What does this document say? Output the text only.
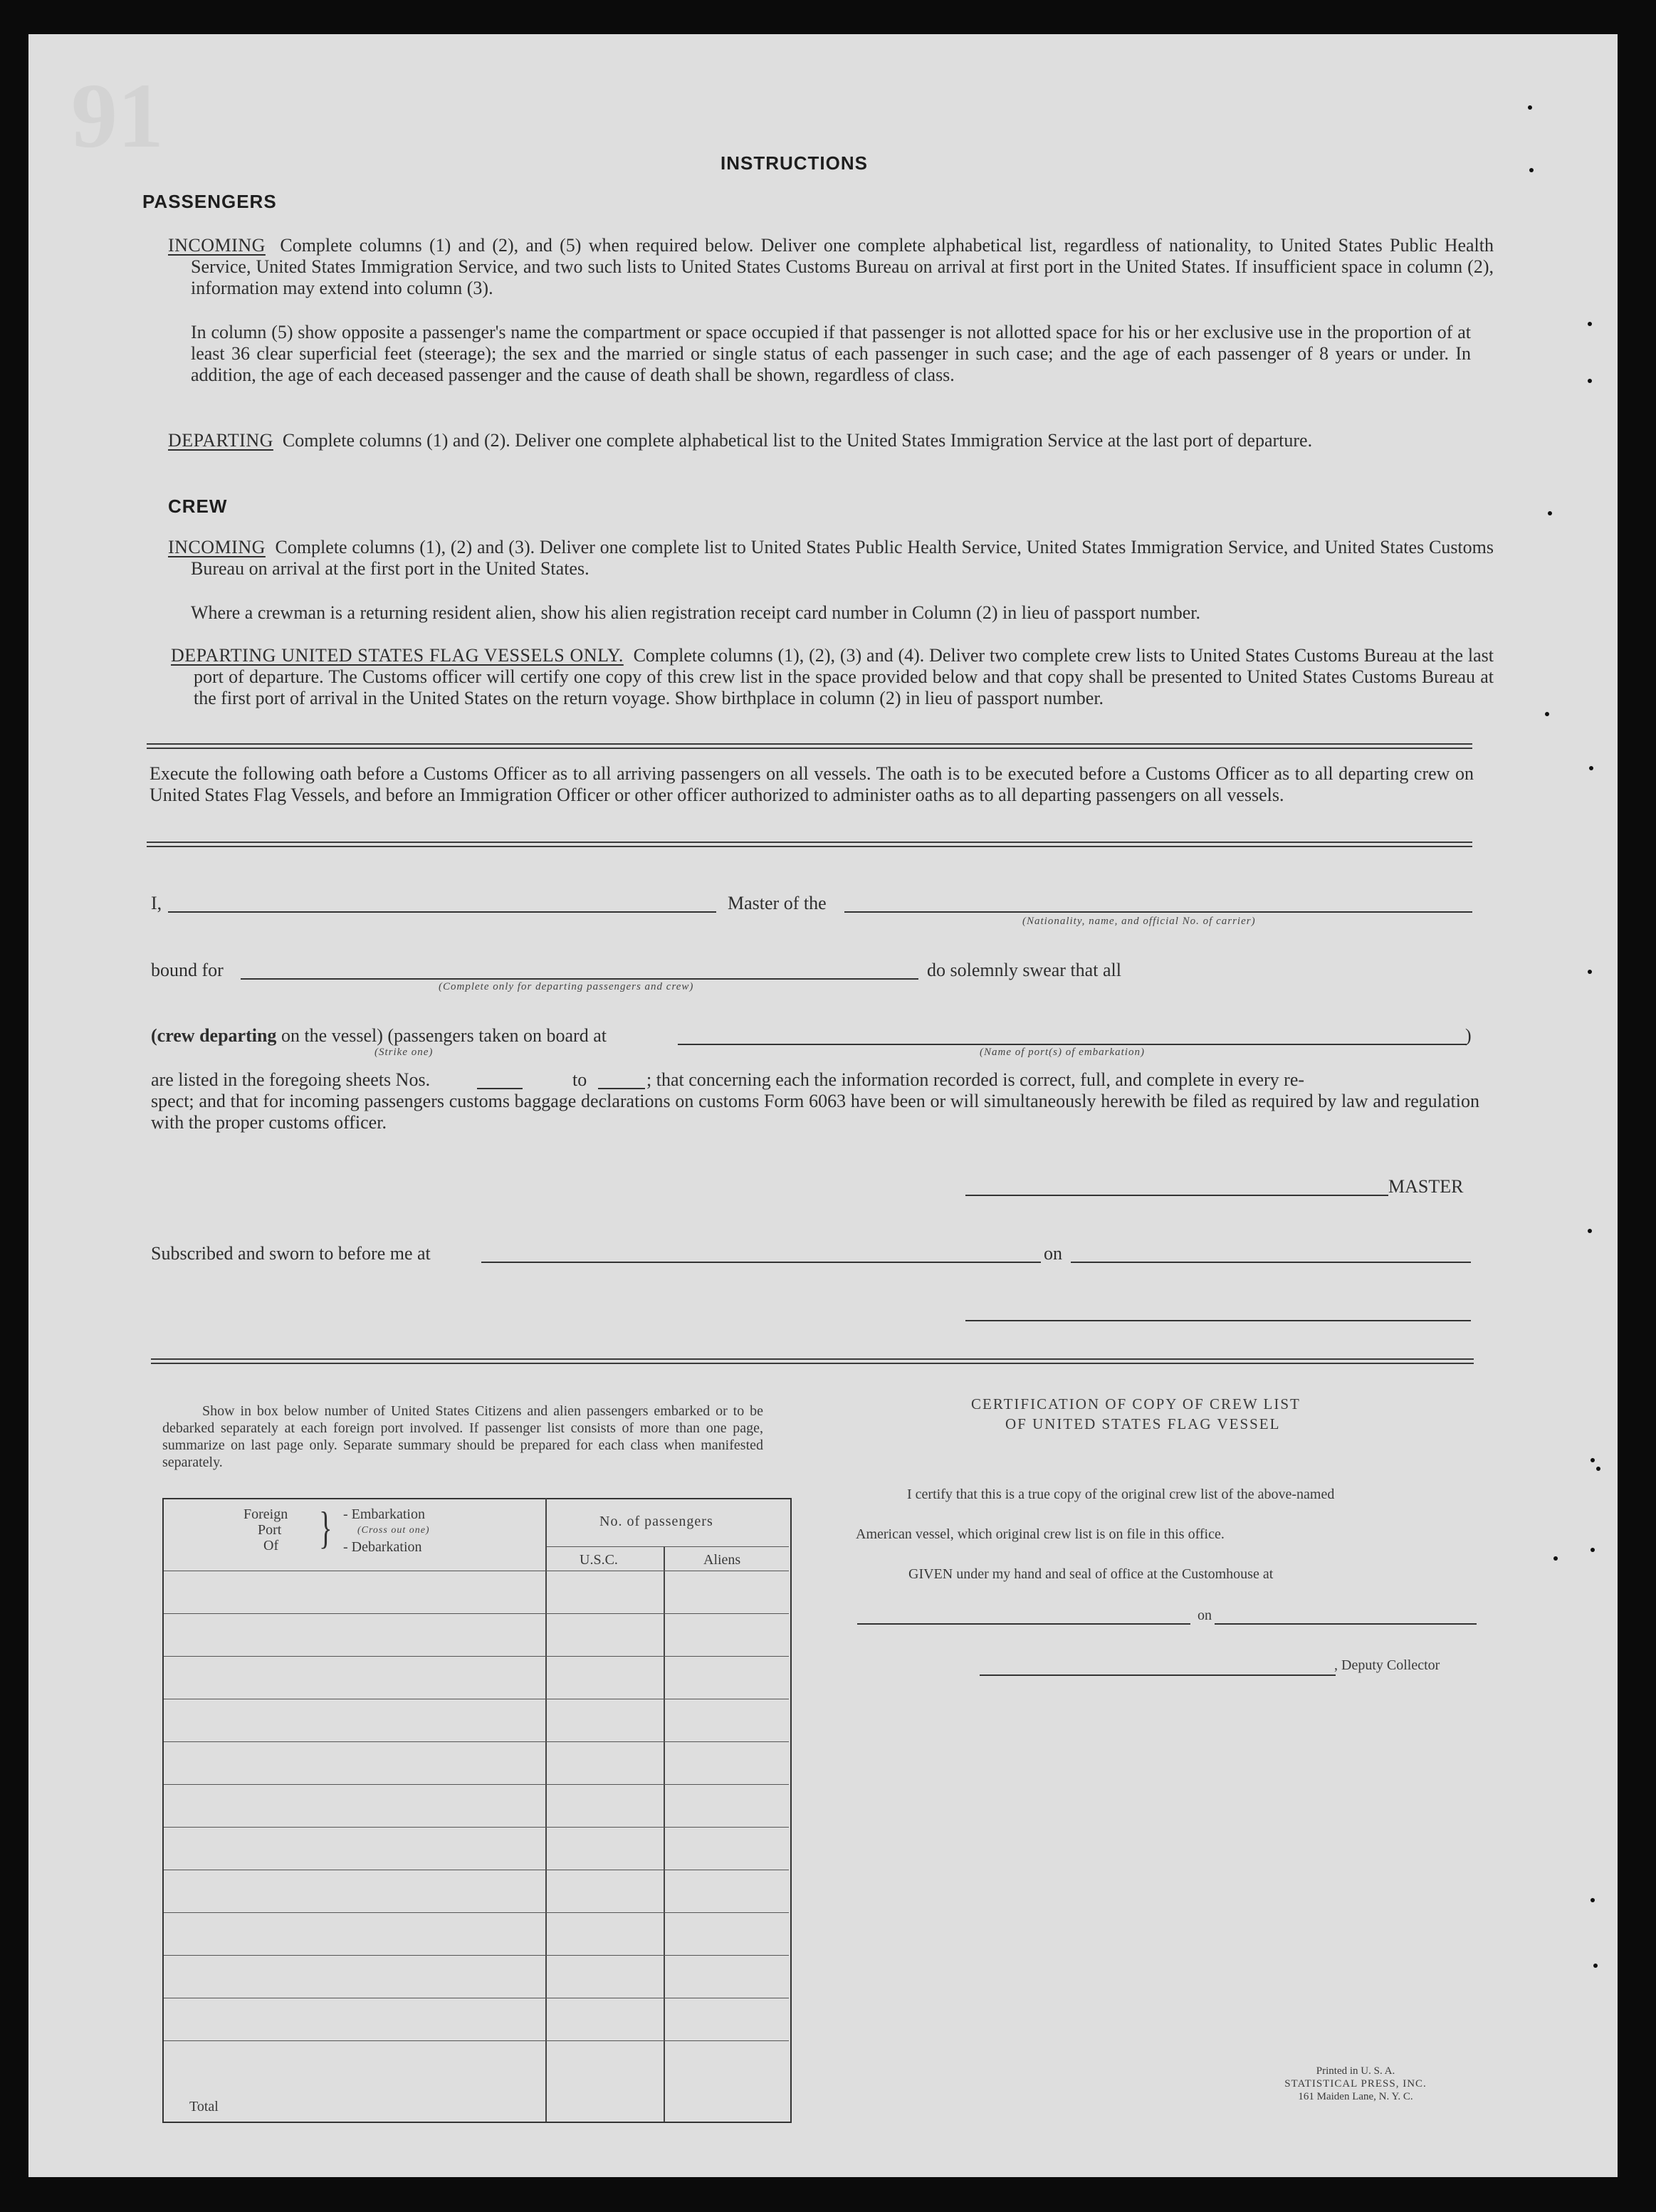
91	INSTRUCTIONS
PASSENGERS
INCOMING Complete columns (1) and (2), and (5) when required below. Deliver one complete alphabetical list, regardless of nationality, to United States Public Health Service, United States Immigration Service, and two such lists to United States Customs Bureau on arrival at first port in the United States. If insufficient space in column (2), information may extend into column (3).
In column (5) show opposite a passenger's name the compartment or space occupied if that passenger is not allotted space for his or her exclusive use in the proportion of at least 36 clear superficial feet (steerage); the sex and the married or single status of each passenger in such case; and the age of each passenger of 8 years or under. In addition, the age of each deceased passenger and the cause of death shall be shown, regardless of class.
DEPARTING Complete columns (1) and (2). Deliver one complete alphabetical list to the United States Immigration Service at the last port of departure.
CREW
INCOMING Complete columns (1), (2) and (3). Deliver one complete list to United States Public Health Service, United States Immigration Service, and United States Customs Bureau on arrival at the first port in the United States.
Where a crewman is a returning resident alien, show his alien registration receipt card number in Column (2) in lieu of passport number.
DEPARTING UNITED STATES FLAG VESSELS ONLY. Complete columns (1), (2), (3) and (4). Deliver two complete crew lists to United States Customs Bureau at the last port of departure. The Customs officer will certify one copy of this crew list in the space provided below and that copy shall be presented to United States Customs Bureau at the first port of arrival in the United States on the return voyage. Show birthplace in column (2) in lieu of passport number.
Execute the following oath before a Customs Officer as to all arriving passengers on all vessels. The oath is to be executed before a Customs Officer as to all departing crew on United States Flag Vessels, and before an Immigration Officer or other officer authorized to administer oaths as to all departing passengers on all vessels.
I,	Master of the
(Nationality, name, and official No. of carrier)
bound for
(Complete only for departing passengers and crew)
do solemnly swear that all
(crew departing on the vessel) (passengers taken on board at
(Strike one)
)
(Name of port(s) of embarkation)
are listed in the foregoing sheets Nos.	to	; that concerning each the information recorded is correct, full, and complete in every re-
spect; and that for incoming passengers customs baggage declarations on customs Form 6063 have been or will simultaneously herewith be filed as required by law and regulation with the proper customs officer.
MASTER
Subscribed and sworn to before me at	on
Show in box below number of United States Citizens and alien passengers embarked or to be debarked separately at each foreign port involved. If passenger list consists of more than one page, summarize on last page only. Separate summary should be prepared for each class when manifested separately.
Foreign
Port
Of } - Embarkation
(Cross out one)
- Debarkation
No. of passengers
U.S.C.	Aliens
Total
CERTIFICATION OF COPY OF CREW LIST
OF UNITED STATES FLAG VESSEL
I certify that this is a true copy of the original crew list of the above-named
American vessel, which original crew list is on file in this office.
GIVEN under my hand and seal of office at the Customhouse at
on
, Deputy Collector
Printed in U. S. A.
STATISTICAL PRESS, INC.
161 Maiden Lane, N. Y. C.
